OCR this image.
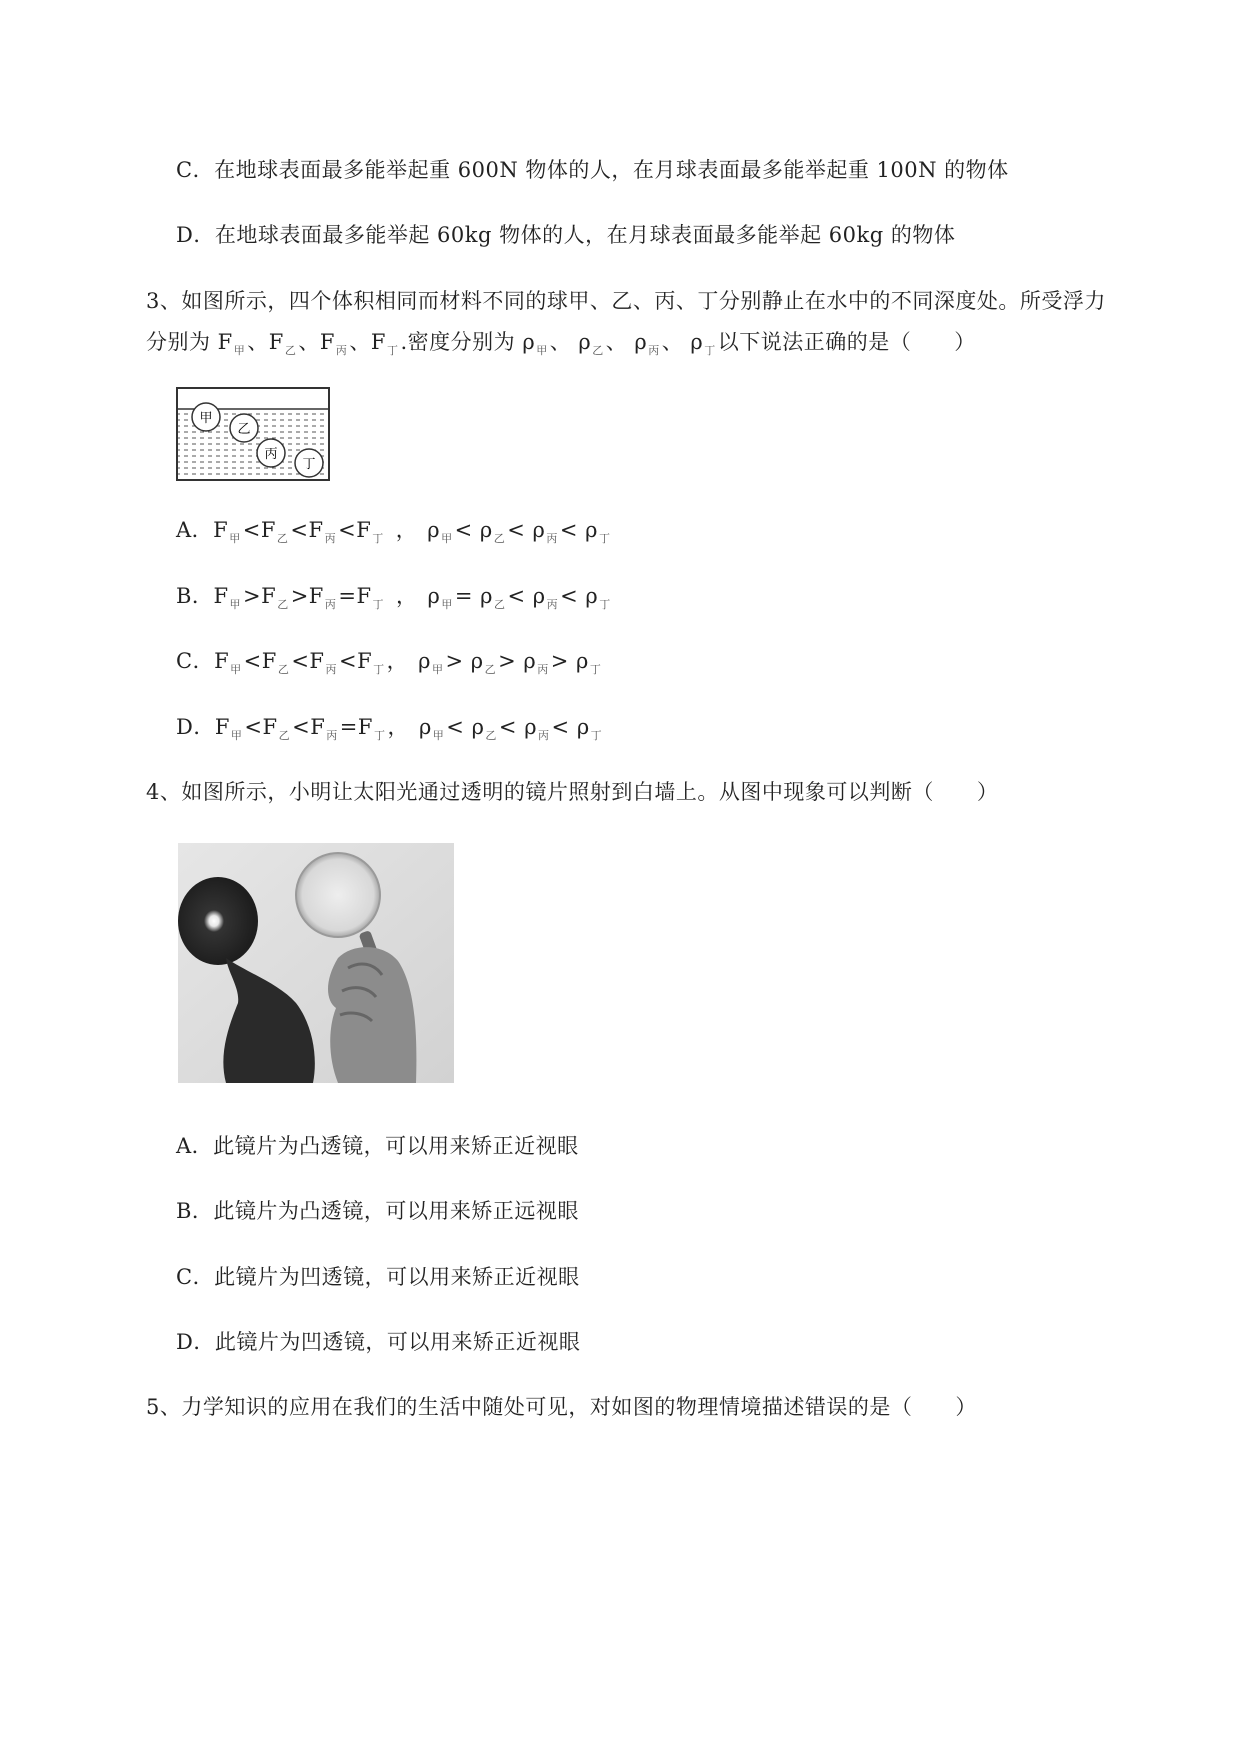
C．在地球表面最多能举起重 600N 物体的人，在月球表面最多能举起重 100N 的物体
D．在地球表面最多能举起 60kg 物体的人，在月球表面最多能举起 60kg 的物体
3、如图所示，四个体积相同而材料不同的球甲、乙、丙、丁分别静止在水中的不同深度处。所受浮力
分别为 $F_甲$、$F_乙$、$F_丙$、$F_丁$.密度分别为 $\rho_甲$、 $\rho_乙$、 $\rho_丙$、 $\rho_丁$以下说法正确的是（　　）
甲
乙
丙
丁
A．$F_甲<F_乙<F_丙<F_丁$ ， $\rho_甲< \rho_乙< \rho_丙< \rho_丁$
B．$F_甲>F_乙>F_丙=F_丁$ ， $\rho_甲= \rho_乙< \rho_丙< \rho_丁$
C．$F_甲<F_乙<F_丙<F_丁$， $\rho_甲> \rho_乙> \rho_丙> \rho_丁$
D．$F_甲<F_乙<F_丙=F_丁$， $\rho_甲< \rho_乙< \rho_丙< \rho_丁$
4、如图所示，小明让太阳光通过透明的镜片照射到白墙上。从图中现象可以判断（　　）
A．此镜片为凸透镜，可以用来矫正近视眼
B．此镜片为凸透镜，可以用来矫正远视眼
C．此镜片为凹透镜，可以用来矫正近视眼
D．此镜片为凹透镜，可以用来矫正近视眼
5、力学知识的应用在我们的生活中随处可见，对如图的物理情境描述错误的是（　　）
